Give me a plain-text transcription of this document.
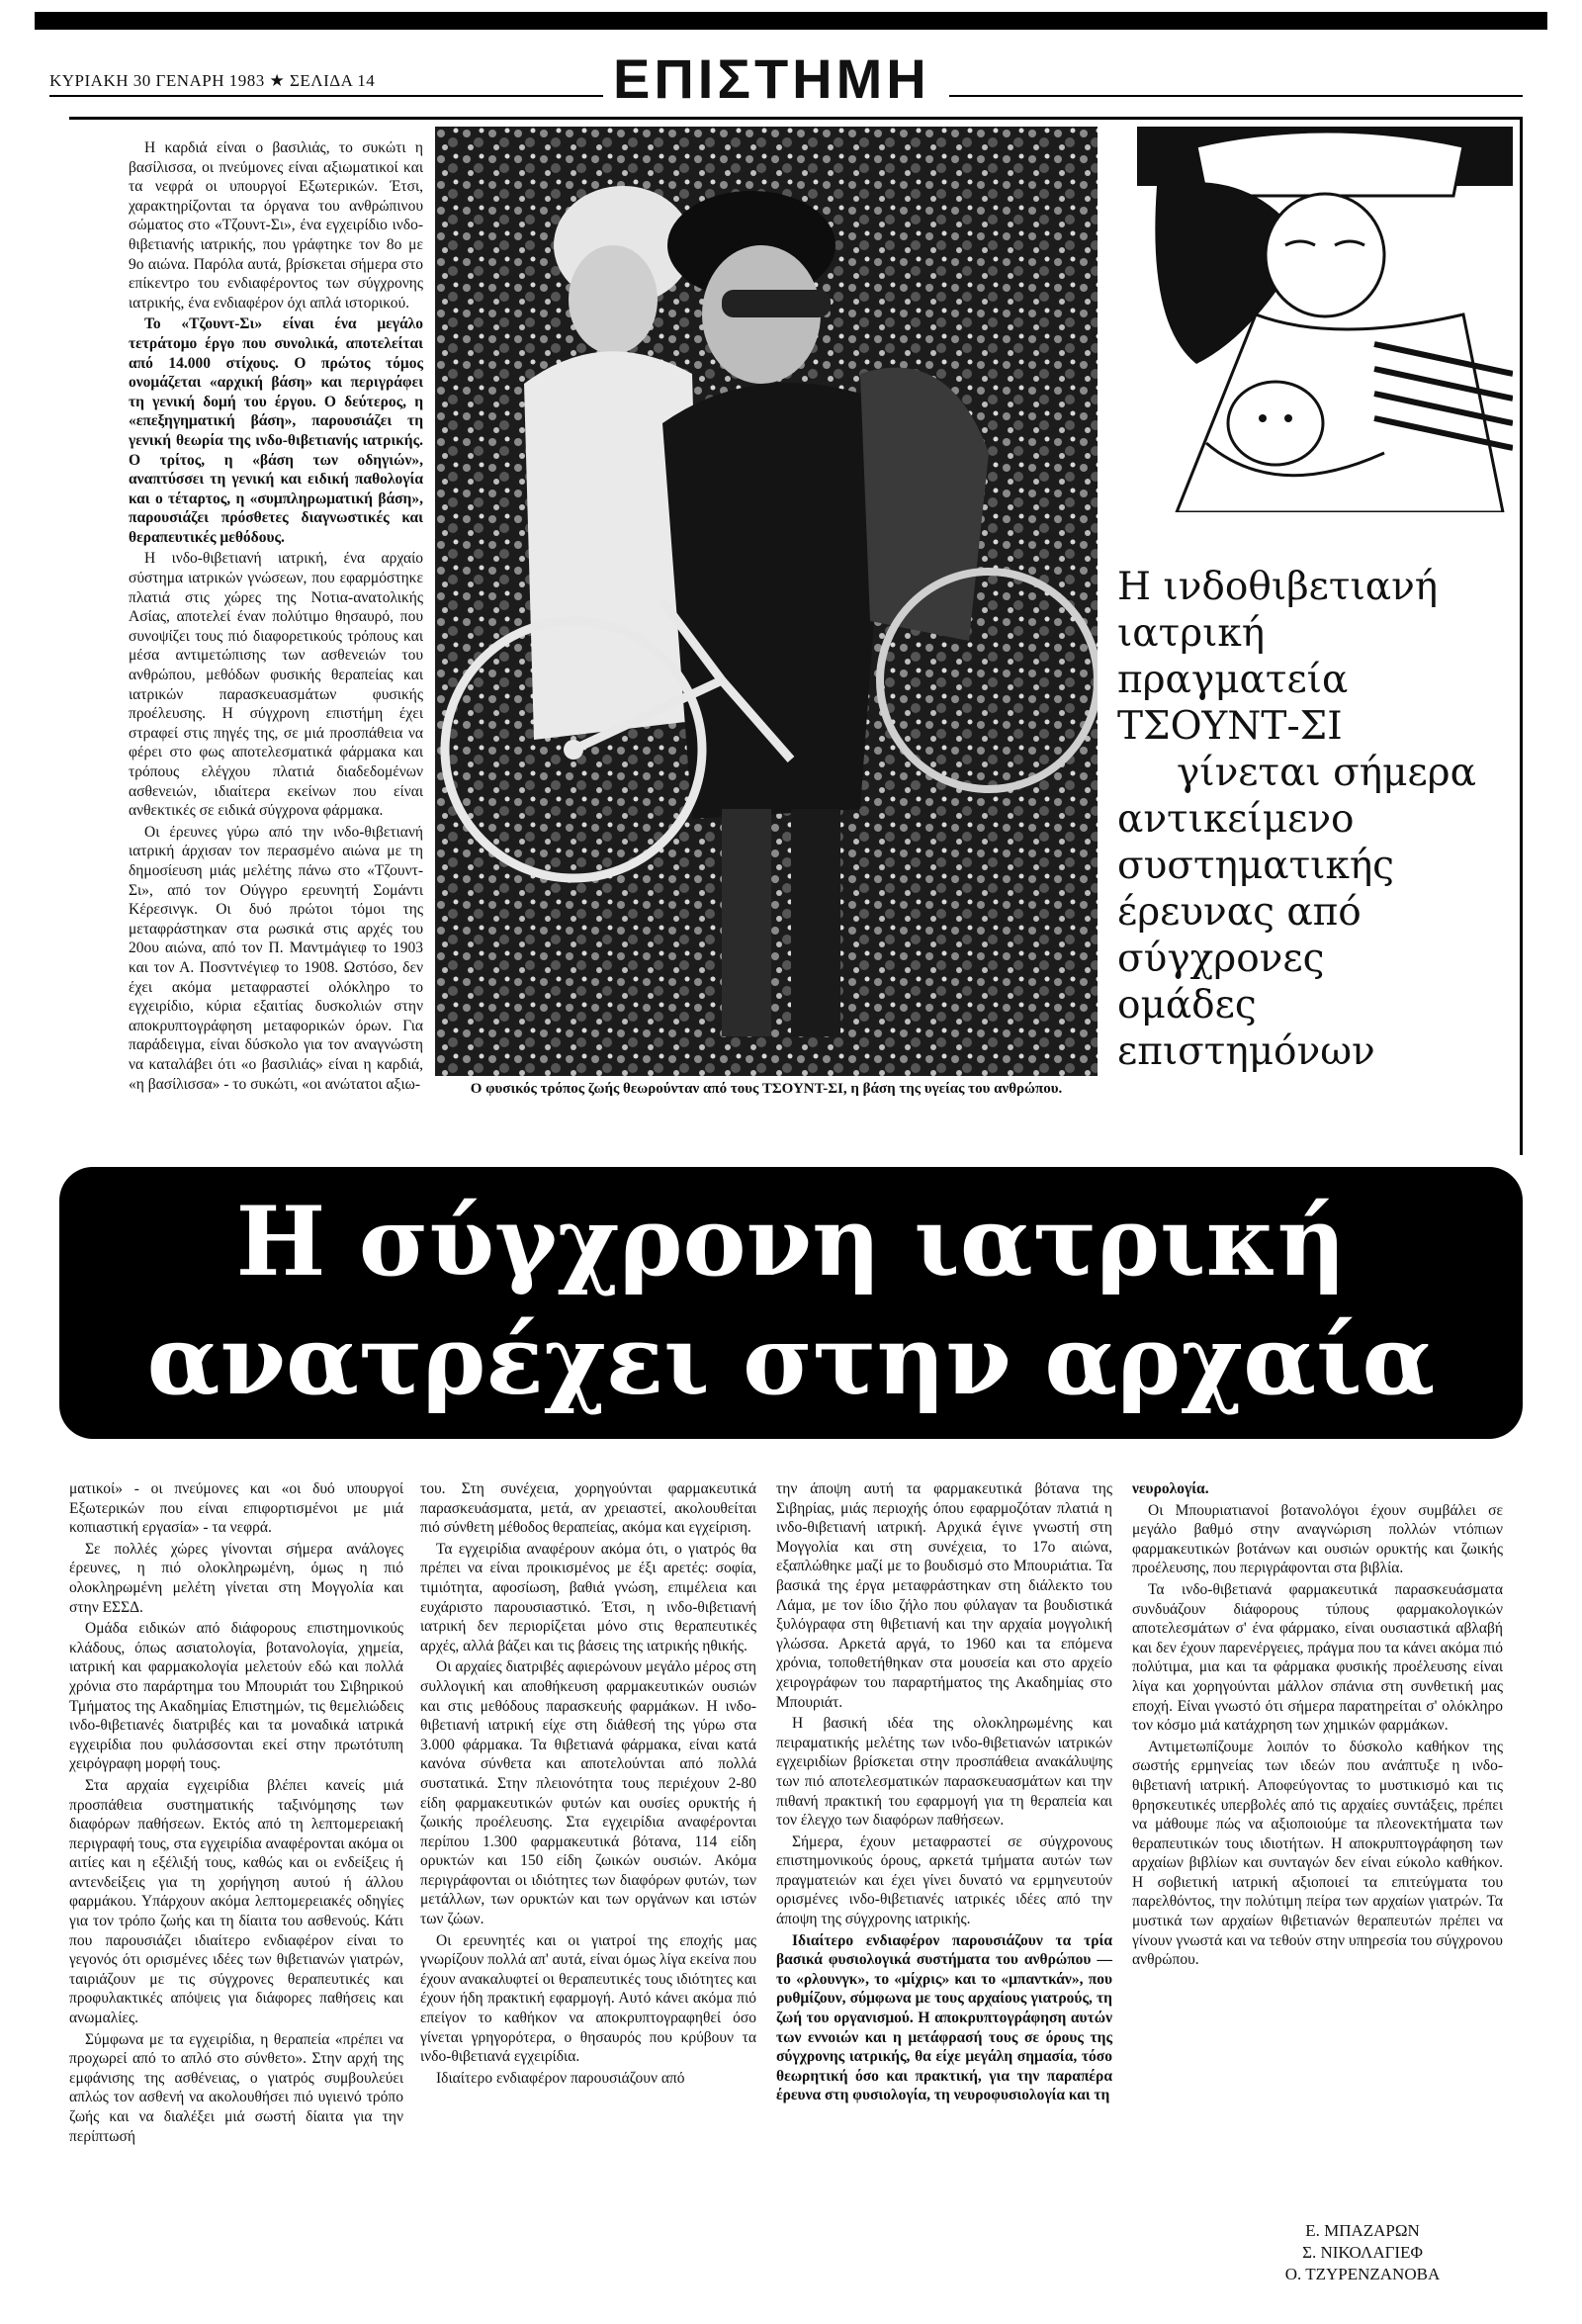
ΚΥΡΙΑΚΗ 30 ΓΕΝΑΡΗ 1983 ★ ΣΕΛΙΔΑ 14	ΕΠΙΣΤΗΜΗ

Η καρδιά είναι ο βασιλιάς, το συκώτι η βασίλισσα, οι πνεύμονες είναι αξιωματικοί και τα νεφρά οι υπουργοί Εξωτερικών. Έτσι, χαρακτηρίζονται τα όργανα του ανθρώπινου σώματος στο «Τζουντ-Σι», ένα εγχειρίδιο ινδο-θιβετιανής ιατρικής, που γράφτηκε τον 8ο με 9ο αιώνα. Παρόλα αυτά, βρίσκεται σήμερα στο επίκεντρο του ενδιαφέροντος των σύγχρονης ιατρικής, ένα ενδιαφέρον όχι απλά ιστορικού.

Το «Τζουντ-Σι» είναι ένα μεγάλο τετράτομο έργο που συνολικά, αποτελείται από 14.000 στίχους. Ο πρώτος τόμος ονομάζεται «αρχική βάση» και περιγράφει τη γενική δομή του έργου. Ο δεύτερος, η «επεξηγηματική βάση», παρουσιάζει τη γενική θεωρία της ινδο-θιβετιανής ιατρικής. Ο τρίτος, η «βάση των οδηγιών», αναπτύσσει τη γενική και ειδική παθολογία και ο τέταρτος, η «συμπληρωματική βάση», παρουσιάζει πρόσθετες διαγνωστικές και θεραπευτικές μεθόδους.

Η ινδο-θιβετιανή ιατρική, ένα αρχαίο σύστημα ιατρικών γνώσεων, που εφαρμόστηκε πλατιά στις χώρες της Νοτια-ανατολικής Ασίας, αποτελεί έναν πολύτιμο θησαυρό, που συνοψίζει τους πιό διαφορετικούς τρόπους και μέσα αντιμετώπισης των ασθενειών του ανθρώπου, μεθόδων φυσικής θεραπείας και ιατρικών παρασκευασμάτων φυσικής προέλευσης. Η σύγχρονη επιστήμη έχει στραφεί στις πηγές της, σε μιά προσπάθεια να φέρει στο φως αποτελεσματικά φάρμακα και τρόπους ελέγχου πλατιά διαδεδομένων ασθενειών, ιδιαίτερα εκείνων που είναι ανθεκτικές σε ειδικά σύγχρονα φάρμακα.

Οι έρευνες γύρω από την ινδο-θιβετιανή ιατρική άρχισαν τον περασμένο αιώνα με τη δημοσίευση μιάς μελέτης πάνω στο «Τζουντ-Σι», από τον Ούγγρο ερευνητή Σομάντι Κέρεσινγκ. Οι δυό πρώτοι τόμοι της μεταφράστηκαν στα ρωσικά στις αρχές του 20ου αιώνα, από τον Π. Μαντμάγιεφ το 1903 και τον Α. Ποσντνέγιεφ το 1908. Ωστόσο, δεν έχει ακόμα μεταφραστεί ολόκληρο το εγχειρίδιο, κύρια εξαιτίας δυσκολιών στην αποκρυπτογράφηση μεταφορικών όρων. Για παράδειγμα, είναι δύσκολο για τον αναγνώστη να καταλάβει ότι «ο βασιλιάς» είναι η καρδιά, «η βασίλισσα» - το συκώτι, «οι ανώτατοι αξιω-	Ο φυσικός τρόπος ζωής θεωρούνταν από τους ΤΣΟΥΝΤ-ΣΙ, η βάση της υγείας του ανθρώπου.
Η ινδοθιβετιανή
ιατρική
πραγματεία
ΤΣΟΥΝΤ-ΣΙ
γίνεται σήμερα
αντικείμενο
συστηματικής
έρευνας από
σύγχρονες
ομάδες
επιστημόνων
Η σύγχρονη ιατρική
ανατρέχει στην αρχαία

ματικοί» - οι πνεύμονες και «οι δυό υπουργοί Εξωτερικών που είναι επιφορτισμένοι με μιά κοπιαστική εργασία» - τα νεφρά.

Σε πολλές χώρες γίνονται σήμερα ανάλογες έρευνες, η πιό ολοκληρωμένη, όμως η πιό ολοκληρωμένη μελέτη γίνεται στη Μογγολία και στην ΕΣΣΔ.

Ομάδα ειδικών από διάφορους επιστημονικούς κλάδους, όπως ασιατολογία, βοτανολογία, χημεία, ιατρική και φαρμακολογία μελετούν εδώ και πολλά χρόνια στο παράρτημα του Μπουριάτ του Σιβηρικού Τμήματος της Ακαδημίας Επιστημών, τις θεμελιώδεις ινδο-θιβετιανές διατριβές και τα μοναδικά ιατρικά εγχειρίδια που φυλάσσονται εκεί στην πρωτότυπη χειρόγραφη μορφή τους.

Στα αρχαία εγχειρίδια βλέπει κανείς μιά προσπάθεια συστηματικής ταξινόμησης των διαφόρων παθήσεων. Εκτός από τη λεπτομερειακή περιγραφή τους, στα εγχειρίδια αναφέρονται ακόμα οι αιτίες και η εξέλιξή τους, καθώς και οι ενδείξεις ή αντενδείξεις για τη χορήγηση αυτού ή άλλου φαρμάκου. Υπάρχουν ακόμα λεπτομερειακές οδηγίες για τον τρόπο ζωής και τη δίαιτα του ασθενούς. Κάτι που παρουσιάζει ιδιαίτερο ενδιαφέρον είναι το γεγονός ότι ορισμένες ιδέες των θιβετιανών γιατρών, ταιριάζουν με τις σύγχρονες θεραπευτικές και προφυλακτικές απόψεις για διάφορες παθήσεις και ανωμαλίες.

Σύμφωνα με τα εγχειρίδια, η θεραπεία «πρέπει να προχωρεί από το απλό στο σύνθετο». Στην αρχή της εμφάνισης της ασθένειας, ο γιατρός συμβουλεύει απλώς τον ασθενή να ακολουθήσει πιό υγιεινό τρόπο ζωής και να διαλέξει μιά σωστή δίαιτα για την περίπτωσή

του. Στη συνέχεια, χορηγούνται φαρμακευτικά παρασκευάσματα, μετά, αν χρειαστεί, ακολουθείται πιό σύνθετη μέθοδος θεραπείας, ακόμα και εγχείριση.

Τα εγχειρίδια αναφέρουν ακόμα ότι, ο γιατρός θα πρέπει να είναι προικισμένος με έξι αρετές: σοφία, τιμιότητα, αφοσίωση, βαθιά γνώση, επιμέλεια και ευχάριστο παρουσιαστικό. Έτσι, η ινδο-θιβετιανή ιατρική δεν περιορίζεται μόνο στις θεραπευτικές αρχές, αλλά βάζει και τις βάσεις της ιατρικής ηθικής.

Οι αρχαίες διατριβές αφιερώνουν μεγάλο μέρος στη συλλογική και αποθήκευση φαρμακευτικών ουσιών και στις μεθόδους παρασκευής φαρμάκων. Η ινδο-θιβετιανή ιατρική είχε στη διάθεσή της γύρω στα 3.000 φάρμακα. Τα θιβετιανά φάρμακα, είναι κατά κανόνα σύνθετα και αποτελούνται από πολλά συστατικά. Στην πλειονότητα τους περιέχουν 2-80 είδη φαρμακευτικών φυτών και ουσίες ορυκτής ή ζωικής προέλευσης. Στα εγχειρίδια αναφέρονται περίπου 1.300 φαρμακευτικά βότανα, 114 είδη ορυκτών και 150 είδη ζωικών ουσιών. Ακόμα περιγράφονται οι ιδιότητες των διαφόρων φυτών, των μετάλλων, των ορυκτών και των οργάνων και ιστών των ζώων.

Οι ερευνητές και οι γιατροί της εποχής μας γνωρίζουν πολλά απ' αυτά, είναι όμως λίγα εκείνα που έχουν ανακαλυφτεί οι θεραπευτικές τους ιδιότητες και έχουν ήδη πρακτική εφαρμογή. Αυτό κάνει ακόμα πιό επείγον το καθήκον να αποκρυπτογραφηθεί όσο γίνεται γρηγορότερα, ο θησαυρός που κρύβουν τα ινδο-θιβετιανά εγχειρίδια.

Ιδιαίτερο ενδιαφέρον παρουσιάζουν από

την άποψη αυτή τα φαρμακευτικά βότανα της Σιβηρίας, μιάς περιοχής όπου εφαρμοζόταν πλατιά η ινδο-θιβετιανή ιατρική. Αρχικά έγινε γνωστή στη Μογγολία και στη συνέχεια, το 17ο αιώνα, εξαπλώθηκε μαζί με το βουδισμό στο Μπουριάτια. Τα βασικά της έργα μεταφράστηκαν στη διάλεκτο του Λάμα, με τον ίδιο ζήλο που φύλαγαν τα βουδιστικά ξυλόγραφα στη θιβετιανή και την αρχαία μογγολική γλώσσα. Αρκετά αργά, το 1960 και τα επόμενα χρόνια, τοποθετήθηκαν στα μουσεία και στο αρχείο χειρογράφων του παραρτήματος της Ακαδημίας στο Μπουριάτ.

Η βασική ιδέα της ολοκληρωμένης και πειραματικής μελέτης των ινδο-θιβετιανών ιατρικών εγχειριδίων βρίσκεται στην προσπάθεια ανακάλυψης των πιό αποτελεσματικών παρασκευασμάτων και την πιθανή πρακτική του εφαρμογή για τη θεραπεία και τον έλεγχο των διαφόρων παθήσεων.

Σήμερα, έχουν μεταφραστεί σε σύγχρονους επιστημονικούς όρους, αρκετά τμήματα αυτών των πραγματειών και έχει γίνει δυνατό να ερμηνευτούν ορισμένες ινδο-θιβετιανές ιατρικές ιδέες από την άποψη της σύγχρονης ιατρικής.

Ιδιαίτερο ενδιαφέρον παρουσιάζουν τα τρία βασικά φυσιολογικά συστήματα του ανθρώπου — το «ρλουνγκ», το «μίχρις» και το «μπαντκάν», που ρυθμίζουν, σύμφωνα με τους αρχαίους γιατρούς, τη ζωή του οργανισμού. Η αποκρυπτογράφηση αυτών των εννοιών και η μετάφρασή τους σε όρους της σύγχρονης ιατρικής, θα είχε μεγάλη σημασία, τόσο θεωρητική όσο και πρακτική, για την παραπέρα έρευνα στη φυσιολογία, τη νευροφυσιολογία και τη

νευρολογία.

Οι Μπουριατιανοί βοτανολόγοι έχουν συμβάλει σε μεγάλο βαθμό στην αναγνώριση πολλών ντόπιων φαρμακευτικών βοτάνων και ουσιών ορυκτής και ζωικής προέλευσης, που περιγράφονται στα βιβλία.

Τα ινδο-θιβετιανά φαρμακευτικά παρασκευάσματα συνδυάζουν διάφορους τύπους φαρμακολογικών αποτελεσμάτων σ' ένα φάρμακο, είναι ουσιαστικά αβλαβή και δεν έχουν παρενέργειες, πράγμα που τα κάνει ακόμα πιό πολύτιμα, μια και τα φάρμακα φυσικής προέλευσης είναι λίγα και χορηγούνται μάλλον σπάνια στη συνθετική μας εποχή. Είναι γνωστό ότι σήμερα παρατηρείται σ' ολόκληρο τον κόσμο μιά κατάχρηση των χημικών φαρμάκων.

Αντιμετωπίζουμε λοιπόν το δύσκολο καθήκον της σωστής ερμηνείας των ιδεών που ανάπτυξε η ινδο-θιβετιανή ιατρική. Αποφεύγοντας το μυστικισμό και τις θρησκευτικές υπερβολές από τις αρχαίες συντάξεις, πρέπει να μάθουμε πώς να αξιοποιούμε τα πλεονεκτήματα των θεραπευτικών τους ιδιοτήτων. Η αποκρυπτογράφηση των αρχαίων βιβλίων και συνταγών δεν είναι εύκολο καθήκον. Η σοβιετική ιατρική αξιοποιεί τα επιτεύγματα του παρελθόντος, την πολύτιμη πείρα των αρχαίων γιατρών. Τα μυστικά των αρχαίων θιβετιανών θεραπευτών πρέπει να γίνουν γνωστά και να τεθούν στην υπηρεσία του σύγχρονου ανθρώπου.

Ε. ΜΠΑΖΑΡΩΝ
Σ. ΝΙΚΟΛΑΓΙΕΦ
Ο. ΤΖΥΡΕΝΖΑΝΟΒΑ
